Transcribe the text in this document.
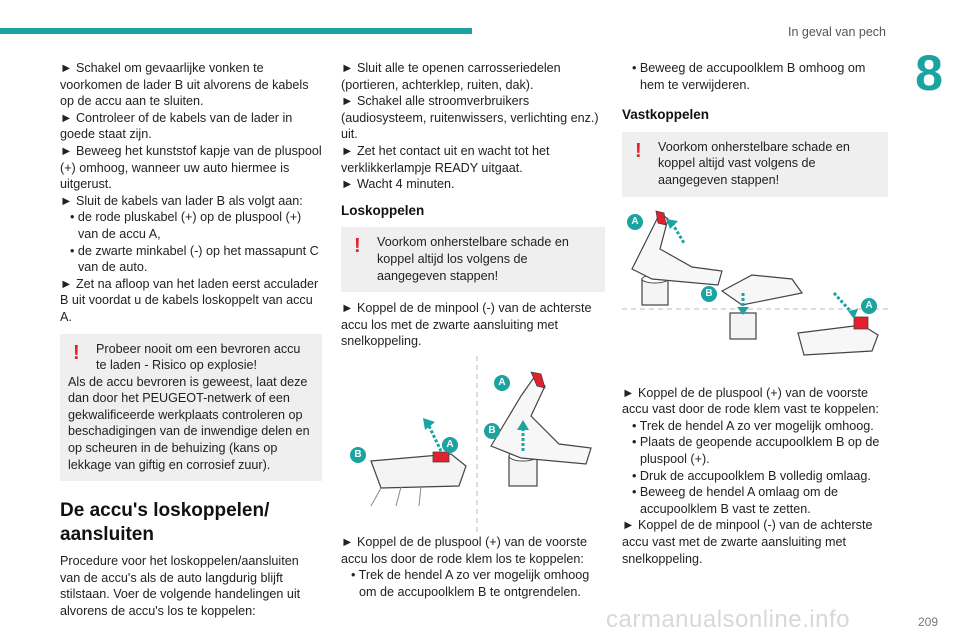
In geval van pech
8

► Schakel om gevaarlijke vonken te voorkomen de lader B uit alvorens de kabels op de accu aan te sluiten.

► Controleer of de kabels van de lader in goede staat zijn.

► Beweeg het kunststof kapje van de pluspool (+) omhoog, wanneer uw auto hiermee is uitgerust.

► Sluit de kabels van lader B als volgt aan:

• de rode pluskabel (+) op de pluspool (+) van de accu A,

• de zwarte minkabel (-) op het massapunt C van de auto.

► Zet na afloop van het laden eerst acculader B uit voordat u de kabels loskoppelt van accu A.

!	Probeer nooit om een bevroren accu te laden - Risico op explosie!

Als de accu bevroren is geweest, laat deze dan door het PEUGEOT-netwerk of een gekwalificeerde werkplaats controleren op beschadigingen van de inwendige delen en op scheuren in de behuizing (kans op lekkage van giftig en corrosief zuur).

De accu's loskoppelen/ aansluiten

Procedure voor het loskoppelen/aansluiten van de accu's als de auto langdurig blijft stilstaan. Voer de volgende handelingen uit alvorens de accu's los te koppelen:

► Sluit alle te openen carrosseriedelen (portieren, achterklep, ruiten, dak).

► Schakel alle stroomverbruikers (audiosysteem, ruitenwissers, verlichting enz.) uit.

► Zet het contact uit en wacht tot het verklikkerlampje READY uitgaat.

► Wacht 4 minuten.

Loskoppelen
!	Voorkom onherstelbare schade en koppel altijd los volgens de aangegeven stappen!

► Koppel de de minpool (-) van de achterste accu los met de zwarte aansluiting met snelkoppeling.

A
B
A
B

► Koppel de de pluspool (+) van de voorste accu los door de rode klem los te koppelen:

• Trek de hendel A zo ver mogelijk omhoog om de accupoolklem B te ontgrendelen.

• Beweeg de accupoolklem B omhoog om hem te verwijderen.

Vastkoppelen
!	Voorkom onherstelbare schade en koppel altijd vast volgens de aangegeven stappen!

A
B
A

► Koppel de de pluspool (+) van de voorste accu vast door de rode klem vast te koppelen:

• Trek de hendel A zo ver mogelijk omhoog.

• Plaats de geopende accupoolklem B op de pluspool (+).

• Druk de accupoolklem B volledig omlaag.

• Beweeg de hendel A omlaag om de accupoolklem B vast te zetten.

► Koppel de de minpool (-) van de achterste accu vast met de zwarte aansluiting met snelkoppeling.

carmanualsonline.info	209
